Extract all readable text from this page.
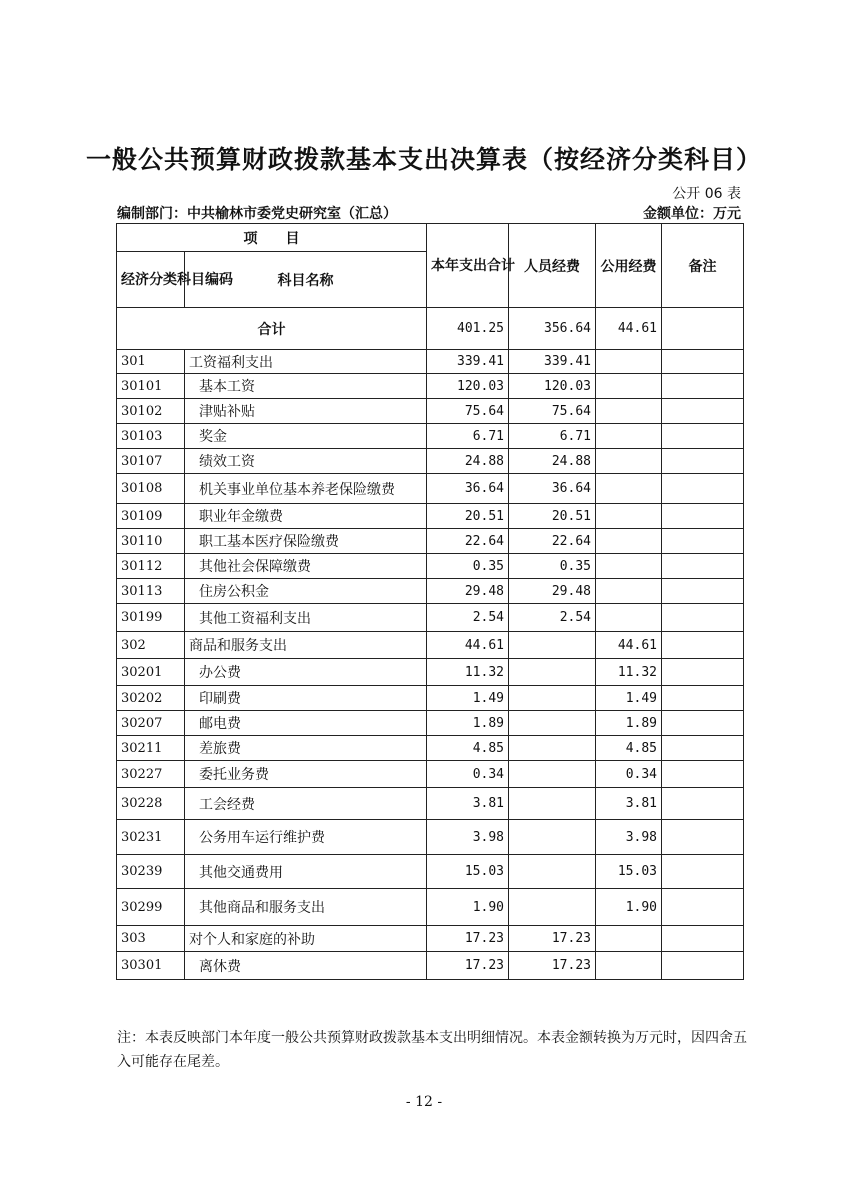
一般公共预算财政拨款基本支出决算表（按经济分类科目）
公开 06 表
编制部门：中共榆林市委党史研究室（汇总）	金额单位：万元
项　　目		本年支出合计	人员经费	公用经费	备注
经济分类科目编码	科目名称				
合计		401.25	356.64	44.61	
301	工资福利支出	339.41	339.41		
30101	基本工资	120.03	120.03		
30102	津贴补贴	75.64	75.64		
30103	奖金	6.71	6.71		
30107	绩效工资	24.88	24.88		
30108	机关事业单位基本养老保险缴费	36.64	36.64		
30109	职业年金缴费	20.51	20.51		
30110	职工基本医疗保险缴费	22.64	22.64		
30112	其他社会保障缴费	0.35	0.35		
30113	住房公积金	29.48	29.48		
30199	其他工资福利支出	2.54	2.54		
302	商品和服务支出	44.61		44.61	
30201	办公费	11.32		11.32	
30202	印刷费	1.49		1.49	
30207	邮电费	1.89		1.89	
30211	差旅费	4.85		4.85	
30227	委托业务费	0.34		0.34	
30228	工会经费	3.81		3.81	
30231	公务用车运行维护费	3.98		3.98	
30239	其他交通费用	15.03		15.03	
30299	其他商品和服务支出	1.90		1.90	
303	对个人和家庭的补助	17.23	17.23		
30301	离休费	17.23	17.23		
注：本表反映部门本年度一般公共预算财政拨款基本支出明细情况。本表金额转换为万元时，因四舍五入可能存在尾差。
- 12 -
